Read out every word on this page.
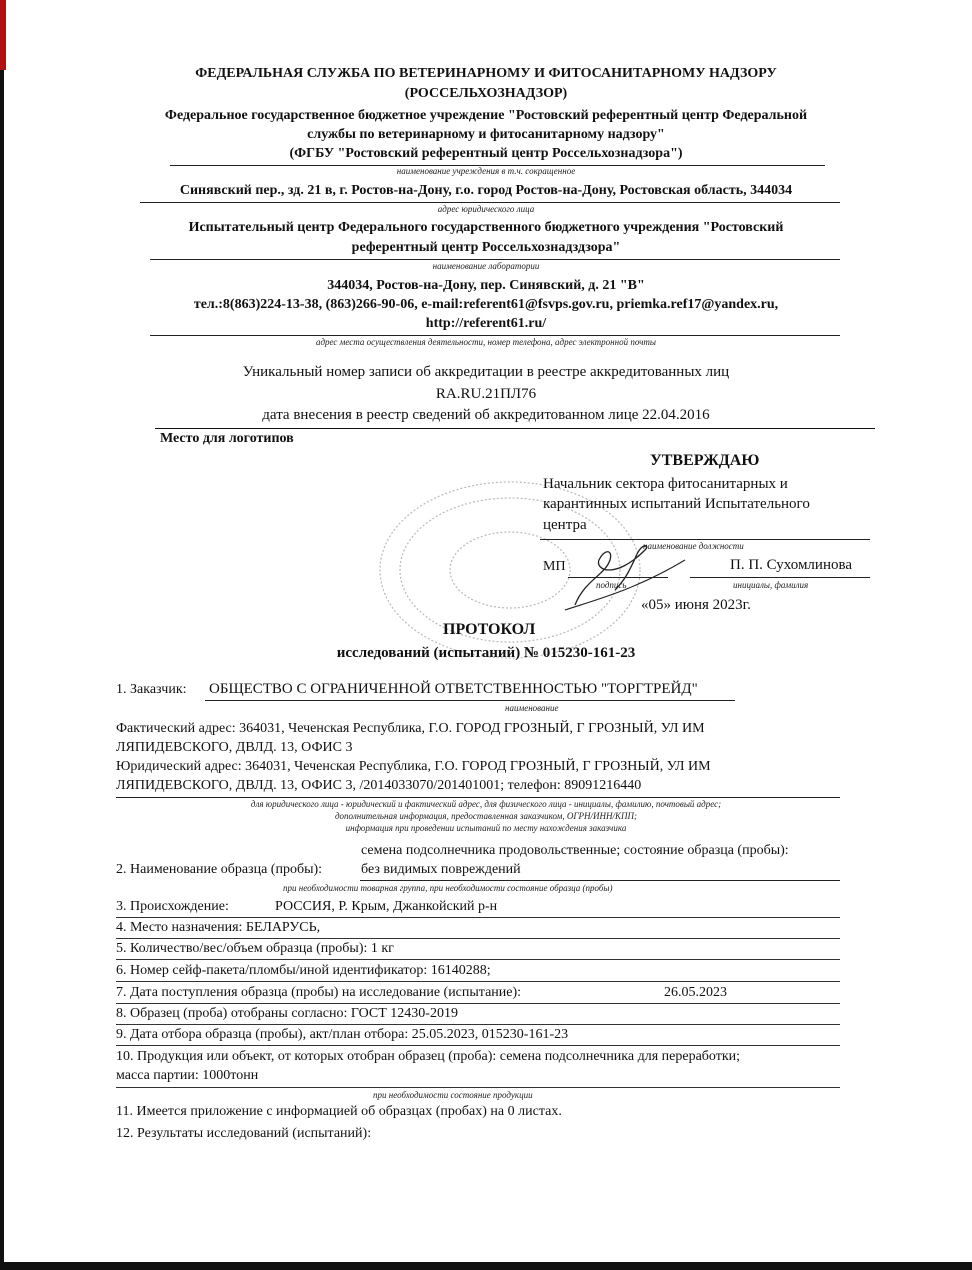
ФЕДЕРАЛЬНАЯ СЛУЖБА ПО ВЕТЕРИНАРНОМУ И ФИТОСАНИТАРНОМУ НАДЗОРУ
(РОССЕЛЬХОЗНАДЗОР)
Федеральное государственное бюджетное учреждение "Ростовский референтный центр Федеральной
службы по ветеринарному и фитосанитарному надзору"
(ФГБУ "Ростовский референтный центр Россельхознадзора")
наименование учреждения в т.ч. сокращенное
Синявский пер., зд. 21 в, г. Ростов-на-Дону, г.о. город Ростов-на-Дону, Ростовская область, 344034
адрес юридического лица
Испытательный центр Федерального государственного бюджетного учреждения "Ростовский
референтный центр Россельхознадздзора"
наименование лаборатории
344034, Ростов-на-Дону, пер. Синявский, д. 21 "В"
тел.:8(863)224-13-38, (863)266-90-06, e-mail:referent61@fsvps.gov.ru, priemka.ref17@yandex.ru,
http://referent61.ru/
адрес места осуществления деятельности, номер телефона, адрес электронной почты
Уникальный номер записи об аккредитации в реестре аккредитованных лиц
RA.RU.21ПЛ76
дата внесения в реестр сведений об аккредитованном лице 22.04.2016
Место для логотипов
УТВЕРЖДАЮ
Начальник сектора фитосанитарных и
карантинных испытаний Испытательного
центра
наименование должности
МП
подпись
П. П. Сухомлинова
инициалы, фамилия
«05» июня 2023г.
ПРОТОКОЛ
исследований (испытаний) № 015230-161-23
1. Заказчик: ОБЩЕСТВО С ОГРАНИЧЕННОЙ ОТВЕТСТВЕННОСТЬЮ "ТОРГТРЕЙД"
наименование
Фактический адрес: 364031, Чеченская Республика, Г.О. ГОРОД ГРОЗНЫЙ, Г ГРОЗНЫЙ, УЛ ИМ
ЛЯПИДЕВСКОГО, ДВЛД. 13, ОФИС 3
Юридический адрес: 364031, Чеченская Республика, Г.О. ГОРОД ГРОЗНЫЙ, Г ГРОЗНЫЙ, УЛ ИМ
ЛЯПИДЕВСКОГО, ДВЛД. 13, ОФИС 3, /2014033070/201401001; телефон: 89091216440
для юридического лица - юридический и фактический адрес, для физического лица - инициалы, фамилию, почтовый адрес;
дополнительная информация, предоставленная заказчиком, ОГРН/ИНН/КПП;
информация при проведении испытаний по месту нахождения заказчика
семена подсолнечника продовольственные; состояние образца (пробы):
2. Наименование образца (пробы):	без видимых повреждений
при необходимости товарная группа, при необходимости состояние образца (пробы)
3. Происхождение:	РОССИЯ, Р. Крым, Джанкойский р-н
4. Место назначения: БЕЛАРУСЬ,
5. Количество/вес/объем образца (пробы): 1 кг
6. Номер сейф-пакета/пломбы/иной идентификатор: 16140288;
7. Дата поступления образца (пробы) на исследование (испытание):	26.05.2023
8. Образец (проба) отобраны согласно: ГОСТ 12430-2019
9. Дата отбора образца (пробы), акт/план отбора: 25.05.2023, 015230-161-23
10. Продукция или объект, от которых отобран образец (проба): семена подсолнечника для переработки;
масса партии: 1000тонн
при необходимости состояние продукции
11. Имеется приложение с информацией об образцах (пробах) на 0 листах.
12. Результаты исследований (испытаний):
